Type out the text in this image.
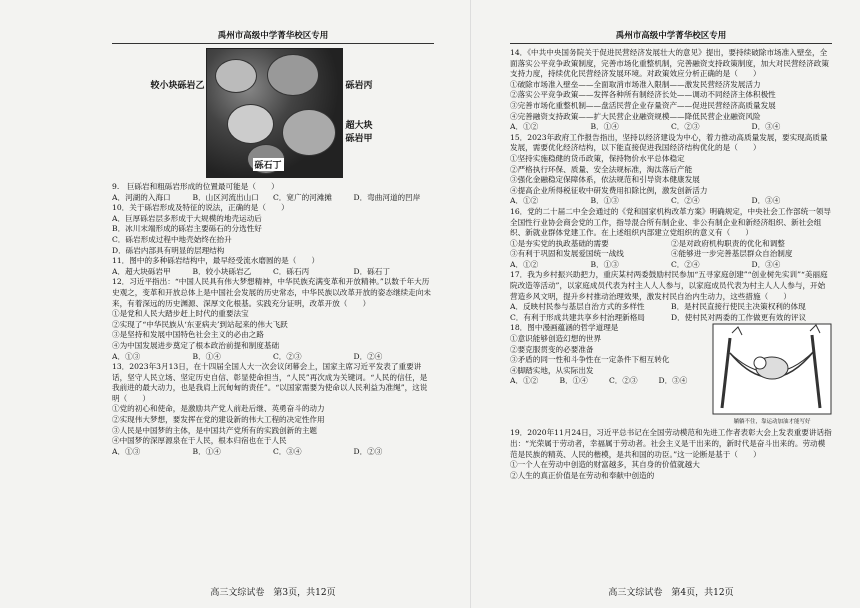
禹州市高级中学菁华校区专用
较小块砾岩乙	砾岩丙
超大块砾岩甲
砾石丁

9.　巨砾岩和粗砾岩形成的位置最可能是（　　）

A．河湖的入海口	B．山区河流出山口	C．宽广的河滩摊	D．弯曲河道的凹岸

10．关于砾岩形成及特征的说法，正确的是（　　）

A．巨厚砾岩层多形成于大规模的地壳运动后

B．冰川末端形成的砾岩主要砾石的分选性好

C．砾岩形成过程中地壳始终在抬升

D．砾岩内部具有明显的层理结构

11．图中的多种砾岩结构中，最早经受流水磨圆的是（　　）

A．超大块砾岩甲	B．较小块砾岩乙	C．砾石丙	D．砾石丁

12．习近平指出：“中国人民具有伟大梦想精神，中华民族充满变革和开放精神。”以数千年大历史观之，变革和开放总体上是中国社会发展的历史常态，中华民族以改革开放的姿态继续走向未来，有着深远的历史渊源、深厚文化根基。实践充分证明，改革开放（　　）

①是党和人民大踏步赶上时代的重要法宝

②实现了“中华民族从‘东亚病夫’到站起来的伟大飞跃

③是坚持和发展中国特色社会主义的必由之路

④为中国发展进步奠定了根本政治前提和制度基础

A．①③	B．①④	C．②③	D．②④

13．2023年3月13日，在十四届全国人大一次会议闭幕会上，国家主席习近平发表了重要讲话，坚守人民立场、坚定历史自信、彰显使命担当，“人民”再次成为关键词。“人民的信任，是我前进的最大动力，也是我肩上沉甸甸的责任”。“以国家需要为使命以人民利益为准绳”，这说明（　　）

①党的初心和使命，是激励共产党人前赴后继、英勇奋斗的动力

②实现伟大梦想，要发挥在党的建设新的伟大工程的决定性作用

③人民是中国梦的主体，是中国共产党所有的实践创新的主题

④中国梦的深厚源泉在于人民，根本归宿也在于人民

A．①③	B．①④	C．③④	D．②③
高三文综试卷　第3页，共12页
禹州市高级中学菁华校区专用

14．《中共中央国务院关于促进民营经济发展壮大的意见》提出，要持续破除市场准入壁垒，全面落实公平竞争政策制度，完善市场化重整机制，完善融资支持政策制度，加大对民营经济政策支持力度，持续优化民营经济发展环境。对政策效应分析正确的是（　　）

①破除市场准入壁垒——全面取消市场准入限制——激发民营经济发展活力

②落实公平竞争政策——发挥各种所有制经济长处——调动不同经济主体积极性

③完善市场化重整机制——盘活民营企业存量资产——促进民营经济高质量发展

④完善融资支持政策——扩大民营企业融资规模——降低民营企业融资风险

A．①②	B．①④	C．②③	D．③④

15．2023年政府工作报告指出，坚持以经济建设为中心，着力推动高质量发展，要实现高质量发展，需要优化经济结构，以下能直接促进我国经济结构优化的是（　　）

①坚持实施稳健的货币政策，保持物价水平总体稳定

②严格执行环保、质量、安全法规标准，淘汰落后产能

③强化金融稳定保障体系，依法规范和引导资本健康发展

④提高企业所得税征收中研发费用扣除比例，激发创新活力

A．①②	B．①③	C．②④	D．③④

16．党的二十届二中全会通过的《党和国家机构改革方案》明确规定，中央社会工作部统一领导全国性行业协会商会党的工作，指导混合所有制企业、非公有制企业和新经济组织、新社会组织、新就业群体党建工作。在上述组织内部建立党组织的意义有（　　）

①是夯实党的执政基础的需要	②是对政府机构职责的优化和调整
③有利于巩固和发展爱国统一战线	④能够进一步完善基层群众自治制度
A．①②	B．①③	C．②④	D．③④

17．我为乡村振兴助把力，重庆某村两委鼓励村民参加“五寻家庭创建”“创业树先实训”“美丽庭院改造等活动”，以家庭成员代表为村主人人人参与，以家庭成员代表为村主人人人参与，开始营造乡风文明，提升乡村推动治理效果，激发村民自治内生动力，这些措施（　　）

A．反映村民参与基层自治方式的多样性	B．是村民直接行使民主决策权利的体现
C．有利于形成共建共享乡村治理新格局	D．使村民对两委的工作做更有效的评议
躺躺不住，靠运动加油才能写好

18．图中漫画蕴涵的哲学道理是

①意识能够创造幻想的世界

②要克服贯变的必要准备

③矛盾的同一性和斗争性在一定条件下相互转化

④脚踏实地，从实际出发

A．①②	B．①④	C．②③	D．③④

19．2020年11月24日，习近平总书记在全国劳动模范和先进工作者表彰大会上发表重要讲话指出：“光荣属于劳动者，幸福属于劳动者。社会主义是干出来的，新时代是奋斗出来的。劳动模范是民族的精英、人民的楷模，是共和国的功臣。”这一论断是基于（　　）

①一个人在劳动中创造的财富越多，其自身的价值就越大

②人生的真正价值是在劳动和奉献中创造的

高三文综试卷　第4页，共12页
